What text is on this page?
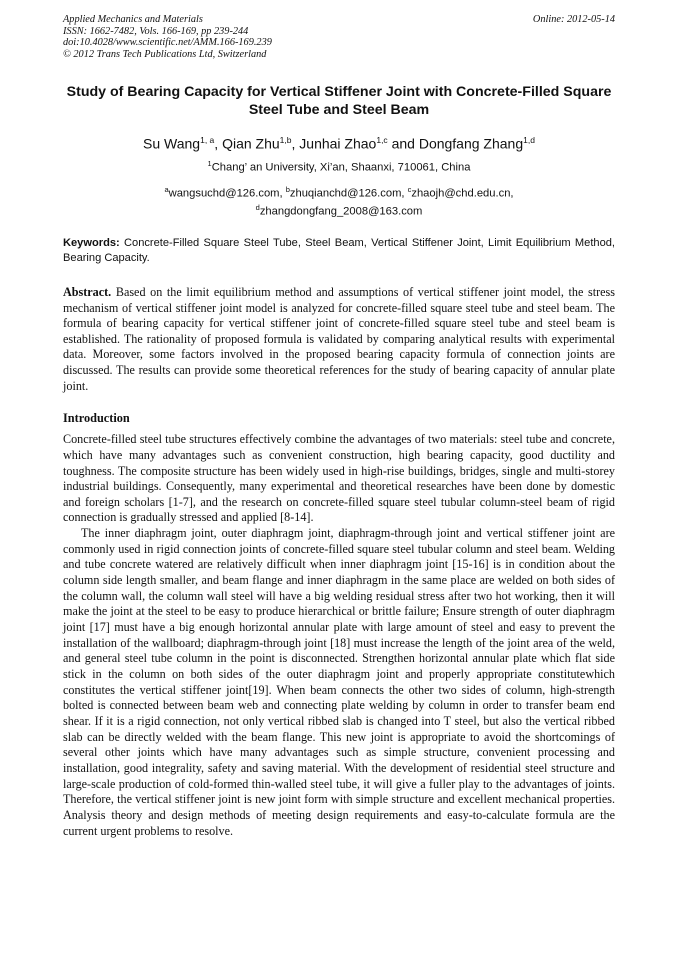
Applied Mechanics and Materials
ISSN: 1662-7482, Vols. 166-169, pp 239-244
doi:10.4028/www.scientific.net/AMM.166-169.239
© 2012 Trans Tech Publications Ltd, Switzerland
Online: 2012-05-14
Study of Bearing Capacity for Vertical Stiffener Joint with Concrete-Filled Square Steel Tube and Steel Beam
Su Wang$^{1, a}$, Qian Zhu$^{1,b}$, Junhai Zhao$^{1,c}$ and Dongfang Zhang$^{1,d}$
$^1$Chang’ an University, Xi’an, Shaanxi, 710061, China
$^a$wangsuchd@126.com, $^b$zhuqianchd@126.com, $^c$zhaojh@chd.edu.cn,
$^d$zhangdongfang_2008@163.com
Keywords: Concrete-Filled Square Steel Tube, Steel Beam, Vertical Stiffener Joint, Limit Equilibrium Method, Bearing Capacity.
Abstract. Based on the limit equilibrium method and assumptions of vertical stiffener joint model, the stress mechanism of vertical stiffener joint model is analyzed for concrete-filled square steel tube and steel beam. The formula of bearing capacity for vertical stiffener joint of concrete-filled square steel tube and steel beam is established. The rationality of proposed formula is validated by comparing analytical results with experimental data. Moreover, some factors involved in the proposed bearing capacity formula of connection joints are discussed. The results can provide some theoretical references for the study of bearing capacity of annular plate joint.
Introduction
Concrete-filled steel tube structures effectively combine the advantages of two materials: steel tube and concrete, which have many advantages such as convenient construction, high bearing capacity, good ductility and toughness. The composite structure has been widely used in high-rise buildings, bridges, single and multi-storey industrial buildings. Consequently, many experimental and theoretical researches have been done by domestic and foreign scholars [1-7], and the research on concrete-filled square steel tubular column-steel beam of rigid connection is gradually stressed and applied [8-14].
The inner diaphragm joint, outer diaphragm joint, diaphragm-through joint and vertical stiffener joint are commonly used in rigid connection joints of concrete-filled square steel tubular column and steel beam. Welding and tube concrete watered are relatively difficult when inner diaphragm joint [15-16] is in condition about the column side length smaller, and beam flange and inner diaphragm in the same place are welded on both sides of the column wall, the column wall steel will have a big welding residual stress after two hot working, then it will make the joint at the steel to be easy to produce hierarchical or brittle failure; Ensure strength of outer diaphragm joint [17] must have a big enough horizontal annular plate with large amount of steel and easy to prevent the installation of the wallboard; diaphragm-through joint [18] must increase the length of the joint area of the weld, and general steel tube column in the point is disconnected. Strengthen horizontal annular plate which flat side stick in the column on both sides of the outer diaphragm joint and properly appropriate constitutewhich constitutes the vertical stiffener joint[19]. When beam connects the other two sides of column, high-strength bolted is connected between beam web and connecting plate welding by column in order to transfer beam end shear. If it is a rigid connection, not only vertical ribbed slab is changed into T steel, but also the vertical ribbed slab can be directly welded with the beam flange. This new joint is appropriate to avoid the shortcomings of several other joints which have many advantages such as simple structure, convenient processing and installation, good integrality, safety and saving material. With the development of residential steel structure and large-scale production of cold-formed thin-walled steel tube, it will give a fuller play to the advantages of joints. Therefore, the vertical stiffener joint is new joint form with simple structure and excellent mechanical properties. Analysis theory and design methods of meeting design requirements and easy-to-calculate formula are the current urgent problems to resolve.
